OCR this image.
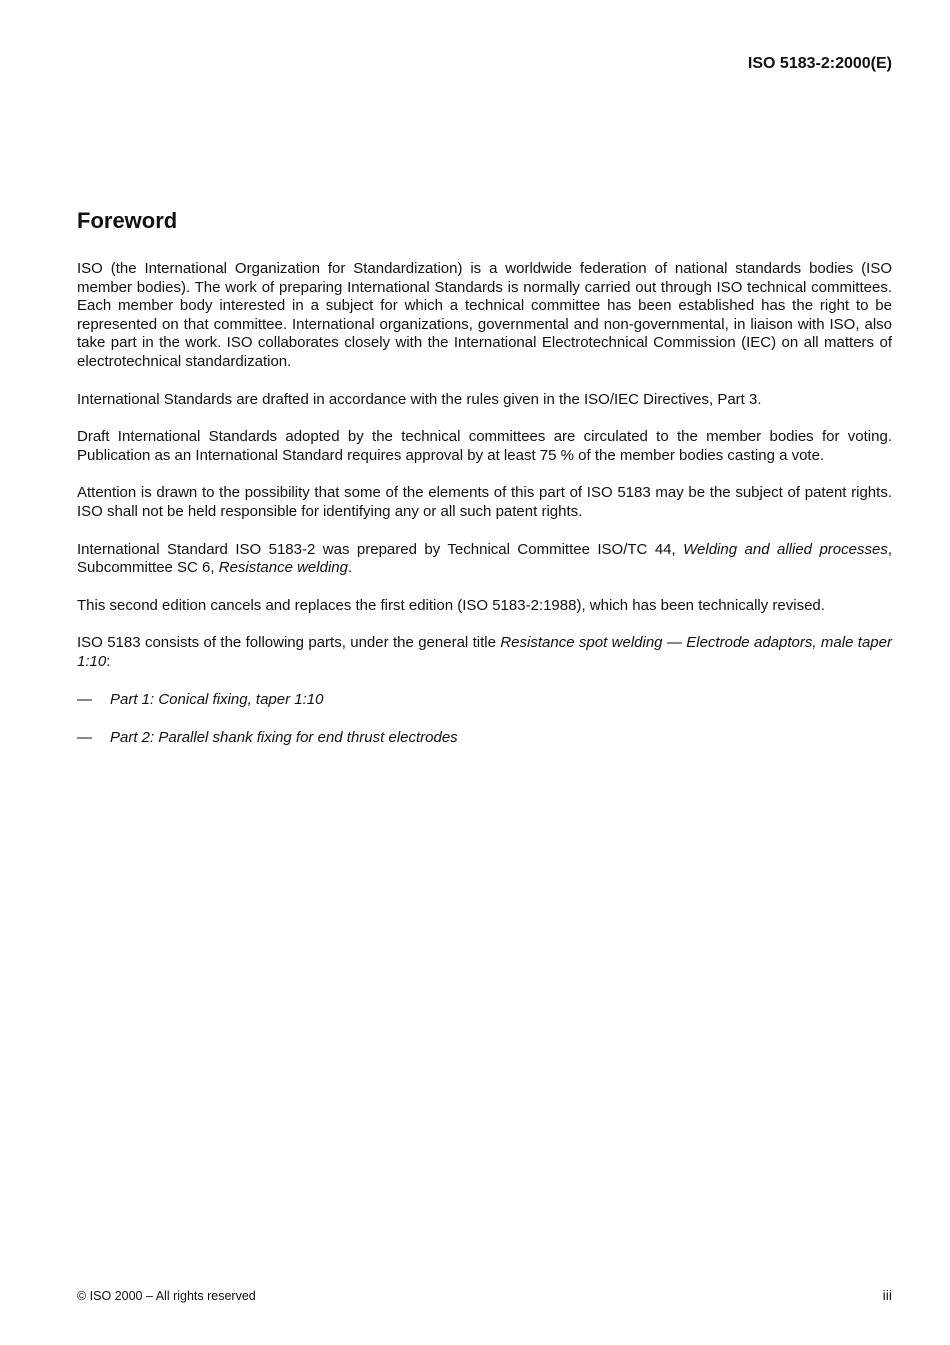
ISO 5183-2:2000(E)

Foreword

ISO (the International Organization for Standardization) is a worldwide federation of national standards bodies (ISO member bodies). The work of preparing International Standards is normally carried out through ISO technical committees. Each member body interested in a subject for which a technical committee has been established has the right to be represented on that committee. International organizations, governmental and non-governmental, in liaison with ISO, also take part in the work. ISO collaborates closely with the International Electrotechnical Commission (IEC) on all matters of electrotechnical standardization.

International Standards are drafted in accordance with the rules given in the ISO/IEC Directives, Part 3.

Draft International Standards adopted by the technical committees are circulated to the member bodies for voting. Publication as an International Standard requires approval by at least 75 % of the member bodies casting a vote.

Attention is drawn to the possibility that some of the elements of this part of ISO 5183 may be the subject of patent rights. ISO shall not be held responsible for identifying any or all such patent rights.

International Standard ISO 5183-2 was prepared by Technical Committee ISO/TC 44, Welding and allied processes, Subcommittee SC 6, Resistance welding.

This second edition cancels and replaces the first edition (ISO 5183-2:1988), which has been technically revised.

ISO 5183 consists of the following parts, under the general title Resistance spot welding — Electrode adaptors, male taper 1:10:

— Part 1: Conical fixing, taper 1:10
— Part 2: Parallel shank fixing for end thrust electrodes

© ISO 2000 – All rights reserved	iii
